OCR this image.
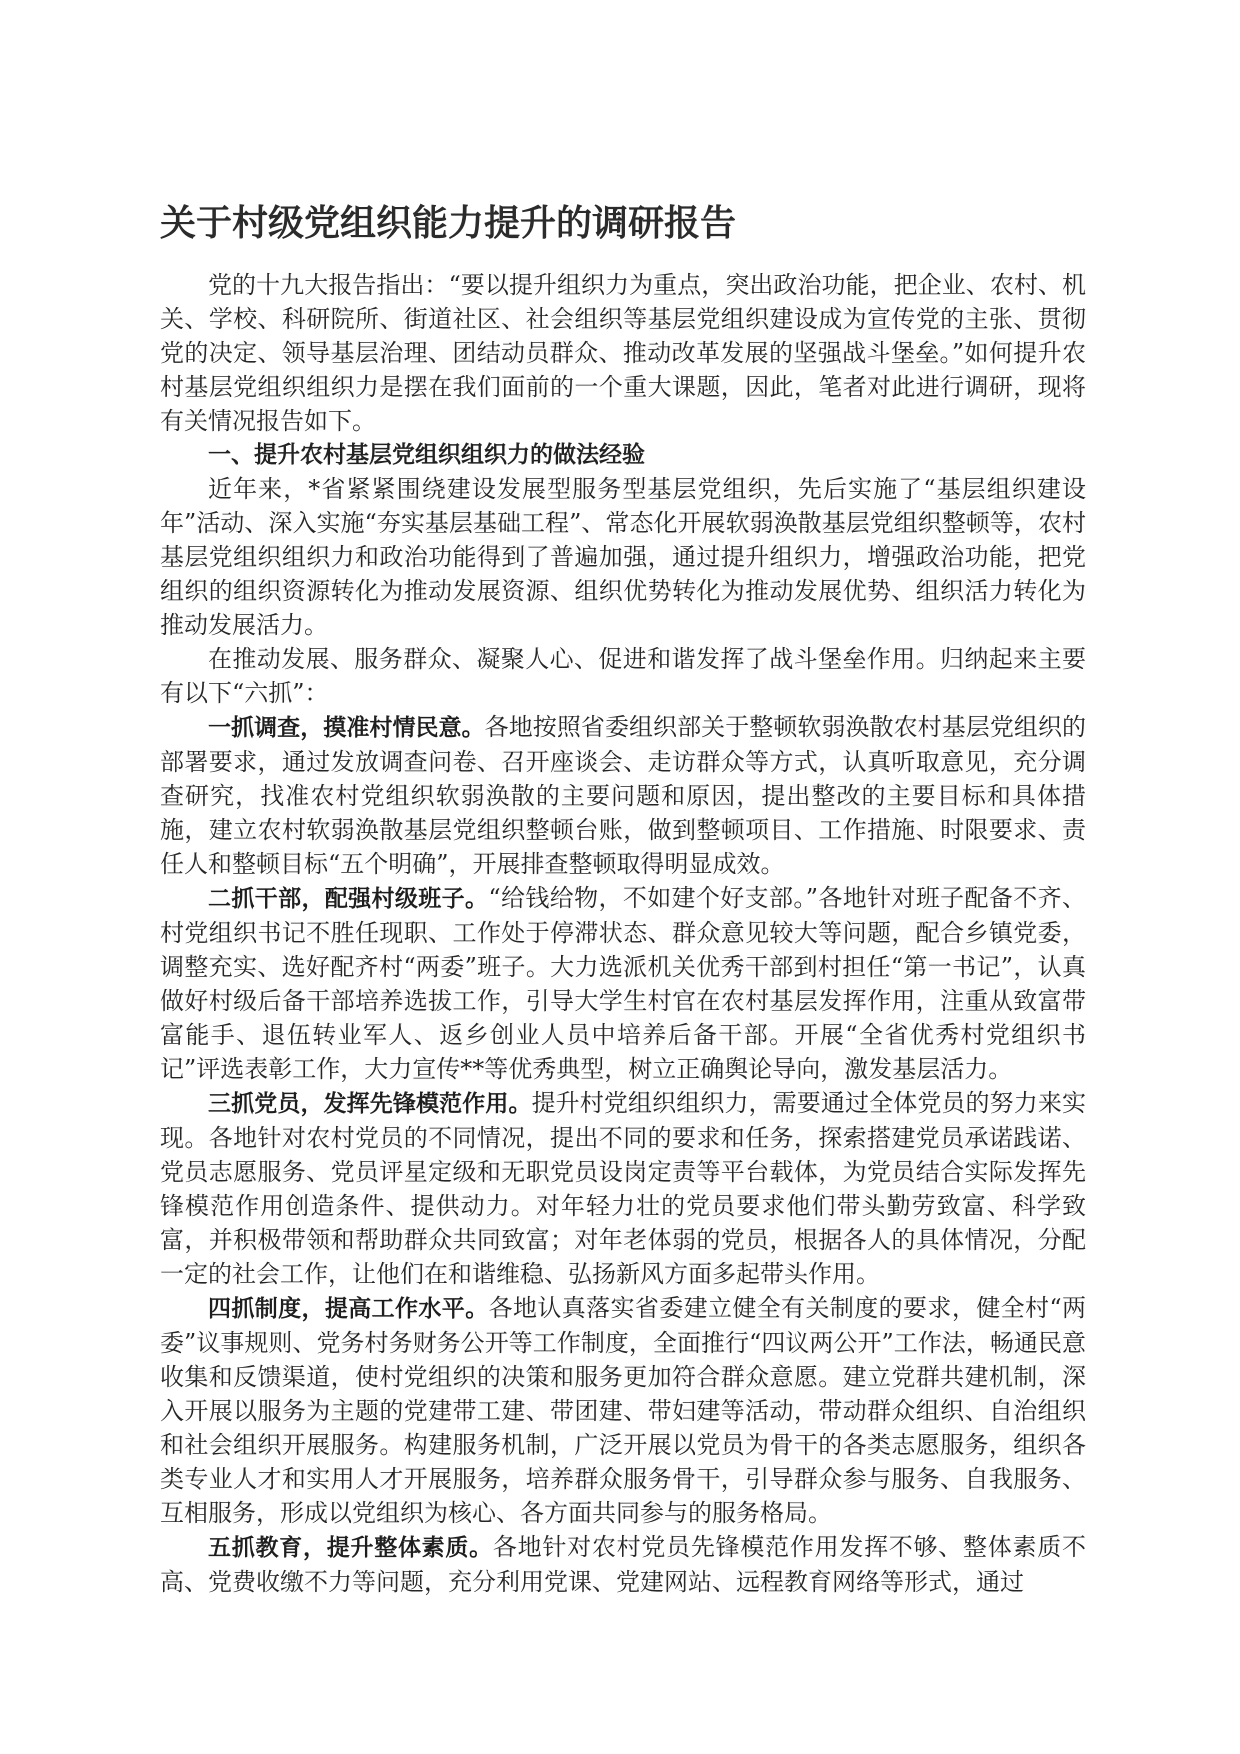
关于村级党组织能力提升的调研报告

党的十九大报告指出：“要以提升组织力为重点，突出政治功能，把企业、农村、机关、学校、科研院所、街道社区、社会组织等基层党组织建设成为宣传党的主张、贯彻党的决定、领导基层治理、团结动员群众、推动改革发展的坚强战斗堡垒。”如何提升农村基层党组织组织力是摆在我们面前的一个重大课题，因此，笔者对此进行调研，现将有关情况报告如下。

一、提升农村基层党组织组织力的做法经验

近年来，*省紧紧围绕建设发展型服务型基层党组织，先后实施了“基层组织建设年”活动、深入实施“夯实基层基础工程”、常态化开展软弱涣散基层党组织整顿等，农村基层党组织组织力和政治功能得到了普遍加强，通过提升组织力，增强政治功能，把党组织的组织资源转化为推动发展资源、组织优势转化为推动发展优势、组织活力转化为推动发展活力。

在推动发展、服务群众、凝聚人心、促进和谐发挥了战斗堡垒作用。归纳起来主要有以下“六抓”：

一抓调查，摸准村情民意。各地按照省委组织部关于整顿软弱涣散农村基层党组织的部署要求，通过发放调查问卷、召开座谈会、走访群众等方式，认真听取意见，充分调查研究，找准农村党组织软弱涣散的主要问题和原因，提出整改的主要目标和具体措施，建立农村软弱涣散基层党组织整顿台账，做到整顿项目、工作措施、时限要求、责任人和整顿目标“五个明确”，开展排查整顿取得明显成效。

二抓干部，配强村级班子。“给钱给物，不如建个好支部。”各地针对班子配备不齐、村党组织书记不胜任现职、工作处于停滞状态、群众意见较大等问题，配合乡镇党委，调整充实、选好配齐村“两委”班子。大力选派机关优秀干部到村担任“第一书记”，认真做好村级后备干部培养选拔工作，引导大学生村官在农村基层发挥作用，注重从致富带富能手、退伍转业军人、返乡创业人员中培养后备干部。开展“全省优秀村党组织书记”评选表彰工作，大力宣传**等优秀典型，树立正确舆论导向，激发基层活力。

三抓党员，发挥先锋模范作用。提升村党组织组织力，需要通过全体党员的努力来实现。各地针对农村党员的不同情况，提出不同的要求和任务，探索搭建党员承诺践诺、党员志愿服务、党员评星定级和无职党员设岗定责等平台载体，为党员结合实际发挥先锋模范作用创造条件、提供动力。对年轻力壮的党员要求他们带头勤劳致富、科学致富，并积极带领和帮助群众共同致富；对年老体弱的党员，根据各人的具体情况，分配一定的社会工作，让他们在和谐维稳、弘扬新风方面多起带头作用。

四抓制度，提高工作水平。各地认真落实省委建立健全有关制度的要求，健全村“两委”议事规则、党务村务财务公开等工作制度，全面推行“四议两公开”工作法，畅通民意收集和反馈渠道，使村党组织的决策和服务更加符合群众意愿。建立党群共建机制，深入开展以服务为主题的党建带工建、带团建、带妇建等活动，带动群众组织、自治组织和社会组织开展服务。构建服务机制，广泛开展以党员为骨干的各类志愿服务，组织各类专业人才和实用人才开展服务，培养群众服务骨干，引导群众参与服务、自我服务、互相服务，形成以党组织为核心、各方面共同参与的服务格局。

五抓教育，提升整体素质。各地针对农村党员先锋模范作用发挥不够、整体素质不高、党费收缴不力等问题，充分利用党课、党建网站、远程教育网络等形式，通过
